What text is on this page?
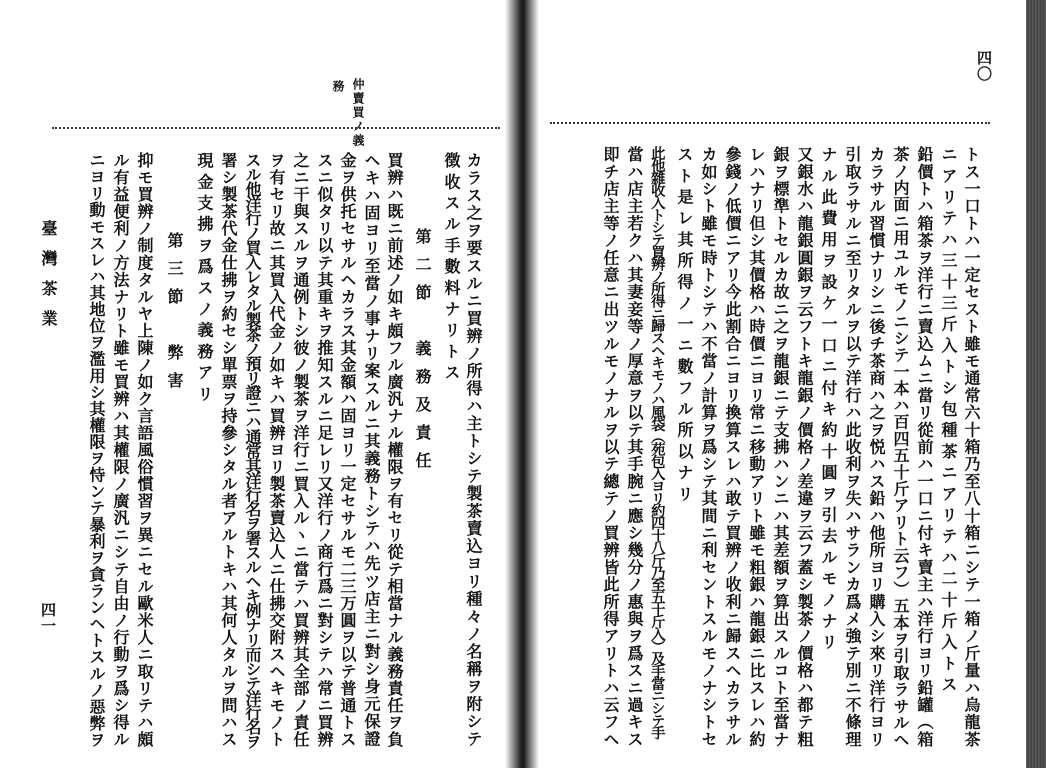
仲賣買ノ義
務
カラス之ヲ要スルニ買辨ノ所得ハ主トシテ製茶賣込ヨリ種々ノ名稱ヲ附シテ
徴收スル手數料ナリトス
第二節　義務及責任
買辨ハ既ニ前述ノ如キ頗フル廣汎ナル權限ヲ有セリ從テ相當ナル義務責任ヲ負
ヘキハ固ヨリ至當ノ事ナリ案スルニ其義務トシテハ先ツ店主ニ對シ身元保證
金ヲ供托セサルヘカラス其金額ハ固ヨリ一定セサルモ二三万圓ヲ以テ普通トス
スニ似タリ以テ其重キヲ推知スルニ足レリ又洋行ノ商行爲ニ對シテハ常ニ買辨
之ニ干與スルヲ通例トシ彼ノ製茶ヲ洋行ニ買入ルヽニ當テハ買辨其全部ノ責任
ヲ有セリ故ニ其買入代金ノ如キハ買辨ヨリ製茶賣込人ニ仕拂交附スヘキモノト
スル他洋行ノ買入レタル製茶ノ預リ證ニハ通常其洋行名ヲ署スルヘキ例ナリ而シテ洋行名ヲ
署シ製茶代金仕拂ヲ約セシ單票ヲ持參シタル者アルトキハ其何人タルヲ問ハス
現金支拂ヲ爲スノ義務アリ
第三節　弊害
抑モ買辨ノ制度タルヤ上陳ノ如ク言語風俗慣習ヲ異ニセル歐米人ニ取リテハ頗
ル有益便利ノ方法ナリト雖モ買辨ハ其權限ノ廣汎ニシテ自由ノ行動ヲ爲シ得ル
ニヨリ動モスレハ其地位ヲ濫用シ其權限ヲ恃ンテ暴利ヲ貪ランヘトスルノ惡弊ヲ
臺灣茶業
四一	トス一口トハ一定セスト雖モ通常六十箱乃至八十箱ニシテ一箱ノ斤量ハ烏龍茶
ニアリテハ三十三斤入トシ包種茶ニアリテハ二十斤入トス
鉛價トハ箱茶ヲ洋行ニ賣込ムニ當リ從前ハ一口ニ付キ賣主ハ洋行ヨリ鉛罐（箱
茶ノ内面ニ用ユルモノニシテ一本ハ百四五十斤アリト云フ）五本ヲ引取ラサルヘ
カラサル習慣ナリシニ後チ茶商ハ之ヲ悦ハス鉛ハ他所ヨリ購入シ來リ洋行ヨリ
引取ラサルニ至リタルヲ以テ洋行ハ此收利ヲ失ハサランカ爲メ強テ別ニ不條理
ナル此費用ヲ設ケ一口ニ付キ約十圓ヲ引去ルモノナリ
又銀水ハ龍銀圓銀ヲ云フトキ龍銀ノ價格ノ差違ヲ云フ蓋シ製茶ノ價格ハ都テ粗
銀ヲ標準トセルカ故ニ之ヲ龍銀ニテ支拂ハンニハ其差額ヲ算出スルコト至當ナ
レハナリ但シ其價格ハ時價ニヨリ常ニ移動アリト雖モ粗銀ハ龍銀ニ比スレハ約
參錢ノ低價ニアリ今此割合ニヨリ換算スレハ敢テ買辨ノ收利ニ歸スヘカラサル
カ如シト雖モ時トシテハ不當ノ計算ヲ爲シテ其間ニ利セントスルモノナシトセ
スト是レ其所得ノ一ニ數フル所以ナリ
此他雜收入トシテ買辨ノ所得ニ歸スヘキモノハ風袋（苑包入ヨリ約四十八斤乃至五十斤入）及手當ニシテ手
當ハ店主若クハ其妻妾等ノ厚意ヲ以テ其手腕ニ應シ幾分ノ惠與ヲ爲スニ過キス
即チ店主等ノ任意ニ出ツルモノナルヲ以テ總テノ買辨皆此所得アリトハ云フヘ
四〇
